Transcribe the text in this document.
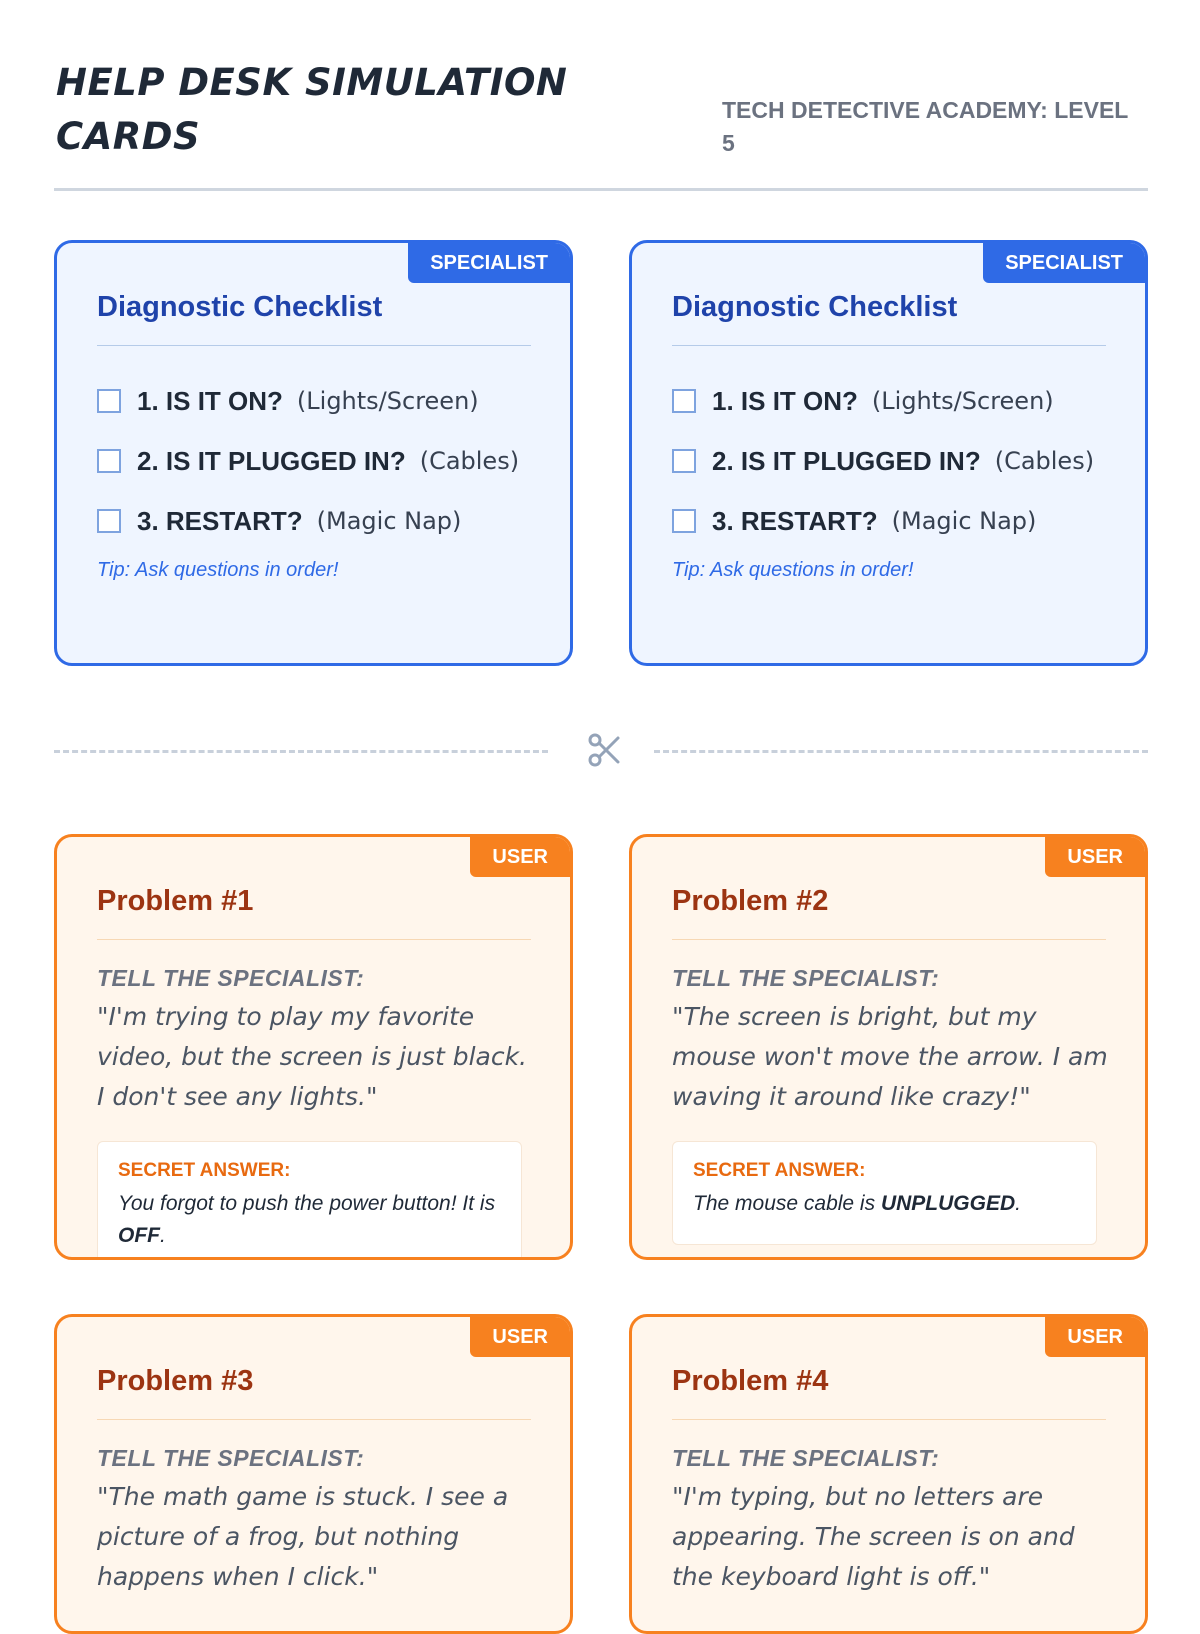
HELP DESK SIMULATION CARDS
TECH DETECTIVE ACADEMY: LEVEL 5
SPECIALIST
Diagnostic Checklist
1. IS IT ON? (Lights/Screen)
2. IS IT PLUGGED IN? (Cables)
3. RESTART? (Magic Nap)
Tip: Ask questions in order!
SPECIALIST
Diagnostic Checklist
1. IS IT ON? (Lights/Screen)
2. IS IT PLUGGED IN? (Cables)
3. RESTART? (Magic Nap)
Tip: Ask questions in order!
USER
Problem #1
TELL THE SPECIALIST:
"I'm trying to play my favorite video, but the screen is just black. I don't see any lights."
SECRET ANSWER:
You forgot to push the power button! It is OFF.
USER
Problem #2
TELL THE SPECIALIST:
"The screen is bright, but my mouse won't move the arrow. I am waving it around like crazy!"
SECRET ANSWER:
The mouse cable is UNPLUGGED.
USER
Problem #3
TELL THE SPECIALIST:
"The math game is stuck. I see a picture of a frog, but nothing happens when I click."
USER
Problem #4
TELL THE SPECIALIST:
"I'm typing, but no letters are appearing. The screen is on and the keyboard light is off."
